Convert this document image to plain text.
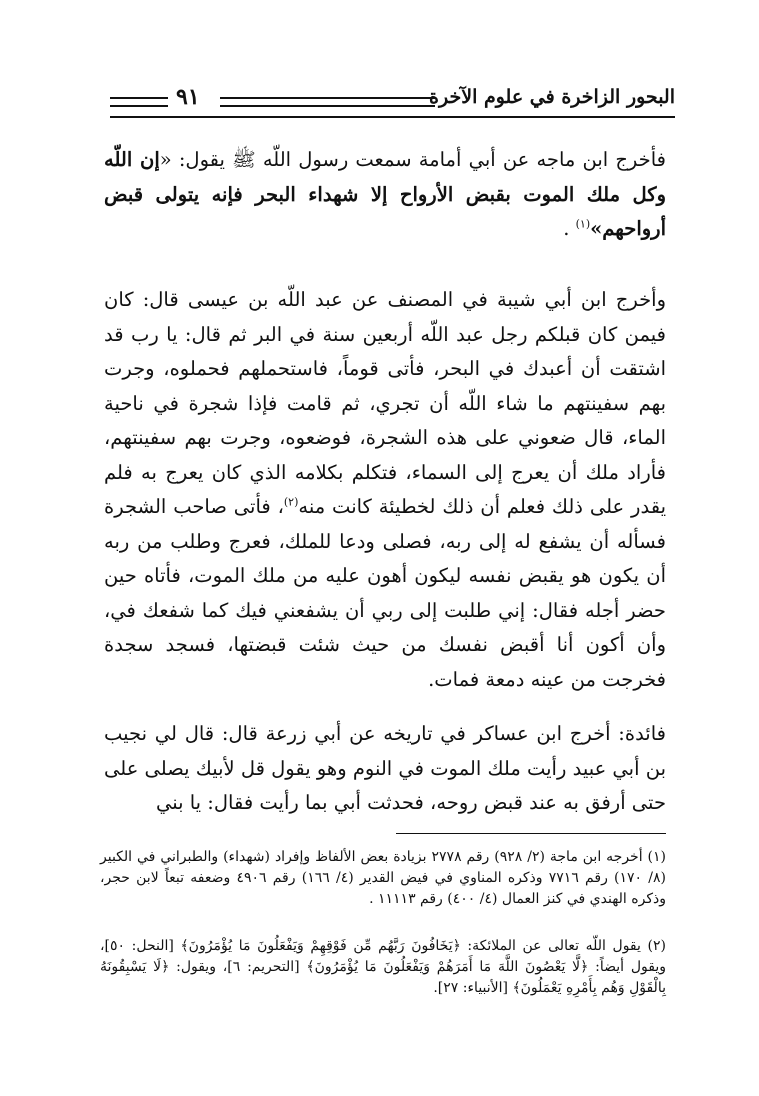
البحور الزاخرة في علوم الآخرة
٩١
فأخرج ابن ماجه عن أبي أمامة سمعت رسول اللّه ﷺ يقول: «إن اللّه وكل ملك الموت بقبض الأرواح إلا شهداء البحر فإنه يتولى قبض أرواحهم»$^{(١)}$ .
وأخرج ابن أبي شيبة في المصنف عن عبد اللّه بن عيسى قال: كان فيمن كان قبلكم رجل عبد اللّه أربعين سنة في البر ثم قال: يا رب قد اشتقت أن أعبدك في البحر، فأتى قوماً، فاستحملهم فحملوه، وجرت بهم سفينتهم ما شاء اللّه أن تجري، ثم قامت فإذا شجرة في ناحية الماء، قال ضعوني على هذه الشجرة، فوضعوه، وجرت بهم سفينتهم، فأراد ملك أن يعرج إلى السماء، فتكلم بكلامه الذي كان يعرج به فلم يقدر على ذلك فعلم أن ذلك لخطيئة كانت منه$^{(٢)}$، فأتى صاحب الشجرة فسأله أن يشفع له إلى ربه، فصلى ودعا للملك، فعرج وطلب من ربه أن يكون هو يقبض نفسه ليكون أهون عليه من ملك الموت، فأتاه حين حضر أجله فقال: إني طلبت إلى ربي أن يشفعني فيك كما شفعك في، وأن أكون أنا أقبض نفسك من حيث شئت قبضتها، فسجد سجدة فخرجت من عينه دمعة فمات.
فائدة: أخرج ابن عساكر في تاريخه عن أبي زرعة قال: قال لي نجيب بن أبي عبيد رأيت ملك الموت في النوم وهو يقول قل لأبيك يصلى على حتى أرفق به عند قبض روحه، فحدثت أبي بما رأيت فقال: يا بني
(١) أخرجه ابن ماجة (٢/ ٩٢٨) رقم ٢٧٧٨ بزيادة بعض الألفاظ وإفراد (شهداء) والطبراني في الكبير (٨/ ١٧٠) رقم ٧٧١٦ وذكره المناوي في فيض القدير (٤/ ١٦٦) رقم ٤٩٠٦ وضعفه تبعاً لابن حجر، وذكره الهندي في كنز العمال (٤/ ٤٠٠) رقم ١١١١٣ .
(٢) يقول اللّه تعالى عن الملائكة: ﴿يَخَافُونَ رَبَّهُم مِّن فَوْقِهِمْ وَيَفْعَلُونَ مَا يُؤْمَرُونَ﴾ [النحل: ٥٠]، ويقول أيضاً: ﴿لَّا يَعْصُونَ اللَّهَ مَا أَمَرَهُمْ وَيَفْعَلُونَ مَا يُؤْمَرُونَ﴾ [التحريم: ٦]، ويقول: ﴿لَا يَسْبِقُونَهُ بِالْقَوْلِ وَهُم بِأَمْرِهِ يَعْمَلُونَ﴾ [الأنبياء: ٢٧].
